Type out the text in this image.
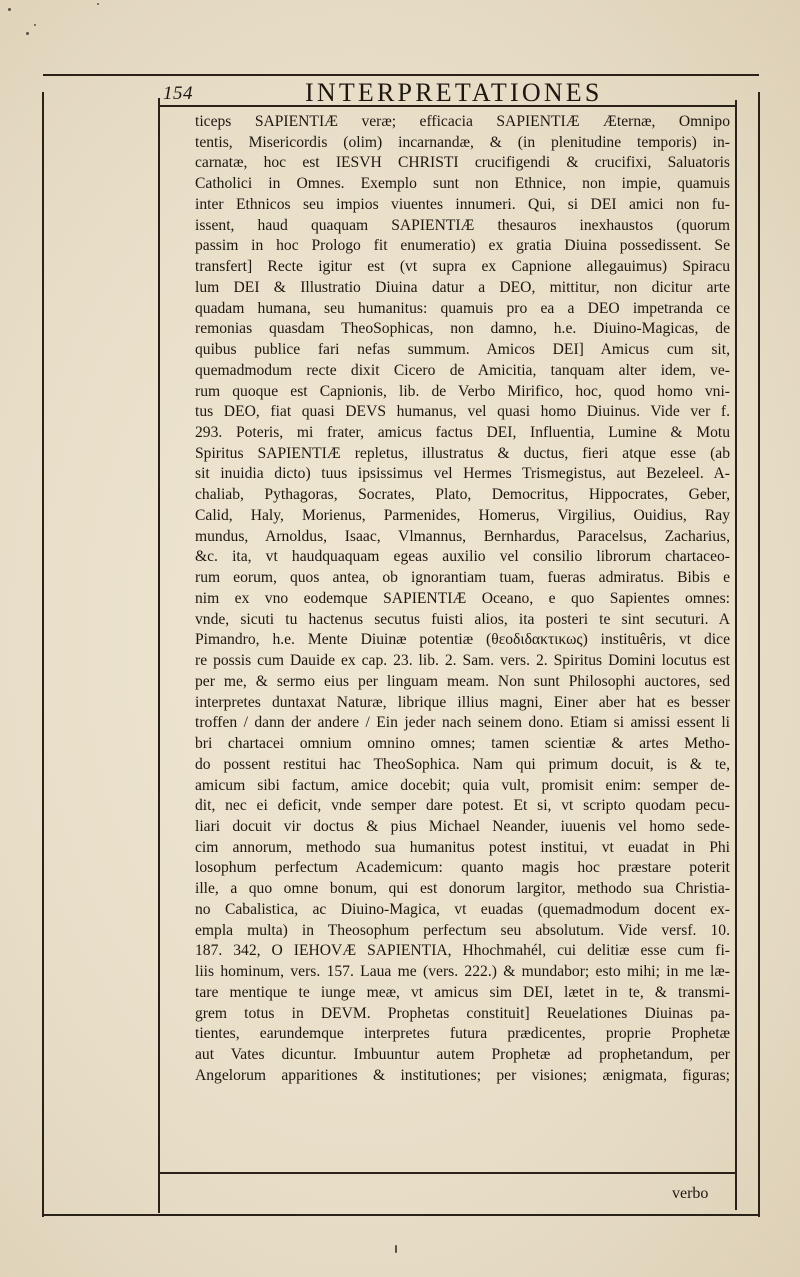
154	INTERPRETATIONES
ticeps SAPIENTIÆ veræ; efficacia SAPIENTIÆ Æternæ, Omnipo
tentis, Misericordis (olim) incarnandæ, & (in plenitudine temporis) in-
carnatæ, hoc est IESVH CHRISTI crucifigendi & crucifixi, Saluatoris
Catholici in Omnes. Exemplo sunt non Ethnice, non impie, quamuis
inter Ethnicos seu impios viuentes innumeri. Qui, si DEI amici non fu-
issent, haud quaquam SAPIENTIÆ thesauros inexhaustos (quorum
passim in hoc Prologo fit enumeratio) ex gratia Diuina possedissent. Se
transfert] Recte igitur est (vt supra ex Capnione allegauimus) Spiracu
lum DEI & Illustratio Diuina datur a DEO, mittitur, non dicitur arte
quadam humana, seu humanitus: quamuis pro ea a DEO impetranda ce
remonias quasdam TheoSophicas, non damno, h.e. Diuino-Magicas, de
quibus publice fari nefas summum. Amicos DEI] Amicus cum sit,
quemadmodum recte dixit Cicero de Amicitia, tanquam alter idem, ve-
rum quoque est Capnionis, lib. de Verbo Mirifico, hoc, quod homo vni-
tus DEO, fiat quasi DEVS humanus, vel quasi homo Diuinus. Vide ver f.
293. Poteris, mi frater, amicus factus DEI, Influentia, Lumine & Motu
Spiritus SAPIENTIÆ repletus, illustratus & ductus, fieri atque esse (ab
sit inuidia dicto) tuus ipsissimus vel Hermes Trismegistus, aut Bezeleel. A-
chaliab, Pythagoras, Socrates, Plato, Democritus, Hippocrates, Geber,
Calid, Haly, Morienus, Parmenides, Homerus, Virgilius, Ouidius, Ray
mundus, Arnoldus, Isaac, Vlmannus, Bernhardus, Paracelsus, Zacharius,
&c. ita, vt haudquaquam egeas auxilio vel consilio librorum chartaceo-
rum eorum, quos antea, ob ignorantiam tuam, fueras admiratus. Bibis e
nim ex vno eodemque SAPIENTIÆ Oceano, e quo Sapientes omnes:
vnde, sicuti tu hactenus secutus fuisti alios, ita posteri te sint secuturi. A
Pimandro, h.e. Mente Diuinæ potentiæ (θεοδιδακτικως) instituêris, vt dice
re possis cum Dauide ex cap. 23. lib. 2. Sam. vers. 2. Spiritus Domini locutus est
per me, & sermo eius per linguam meam. Non sunt Philosophi auctores, sed
interpretes duntaxat Naturæ, librique illius magni, Einer aber hat es besser
troffen / dann der andere / Ein jeder nach seinem dono. Etiam si amissi essent li
bri chartacei omnium omnino omnes; tamen scientiæ & artes Metho-
do possent restitui hac TheoSophica. Nam qui primum docuit, is & te,
amicum sibi factum, amice docebit; quia vult, promisit enim: semper de-
dit, nec ei deficit, vnde semper dare potest. Et si, vt scripto quodam pecu-
liari docuit vir doctus & pius Michael Neander, iuuenis vel homo sede-
cim annorum, methodo sua humanitus potest institui, vt euadat in Phi
losophum perfectum Academicum: quanto magis hoc præstare poterit
ille, a quo omne bonum, qui est donorum largitor, methodo sua Christia-
no Cabalistica, ac Diuino-Magica, vt euadas (quemadmodum docent ex-
empla multa) in Theosophum perfectum seu absolutum. Vide versf. 10.
187. 342, O IEHOVÆ SAPIENTIA, Hhochmahél, cui delitiæ esse cum fi-
liis hominum, vers. 157. Laua me (vers. 222.) & mundabor; esto mihi; in me læ-
tare mentique te iunge meæ, vt amicus sim DEI, lætet in te, & transmi-
grem totus in DEVM. Prophetas constituit] Reuelationes Diuinas pa-
tientes, earundemque interpretes futura prædicentes, proprie Prophetæ
aut Vates dicuntur. Imbuuntur autem Prophetæ ad prophetandum, per
Angelorum apparitiones & institutiones; per visiones; ænigmata, figuras;
verbo
